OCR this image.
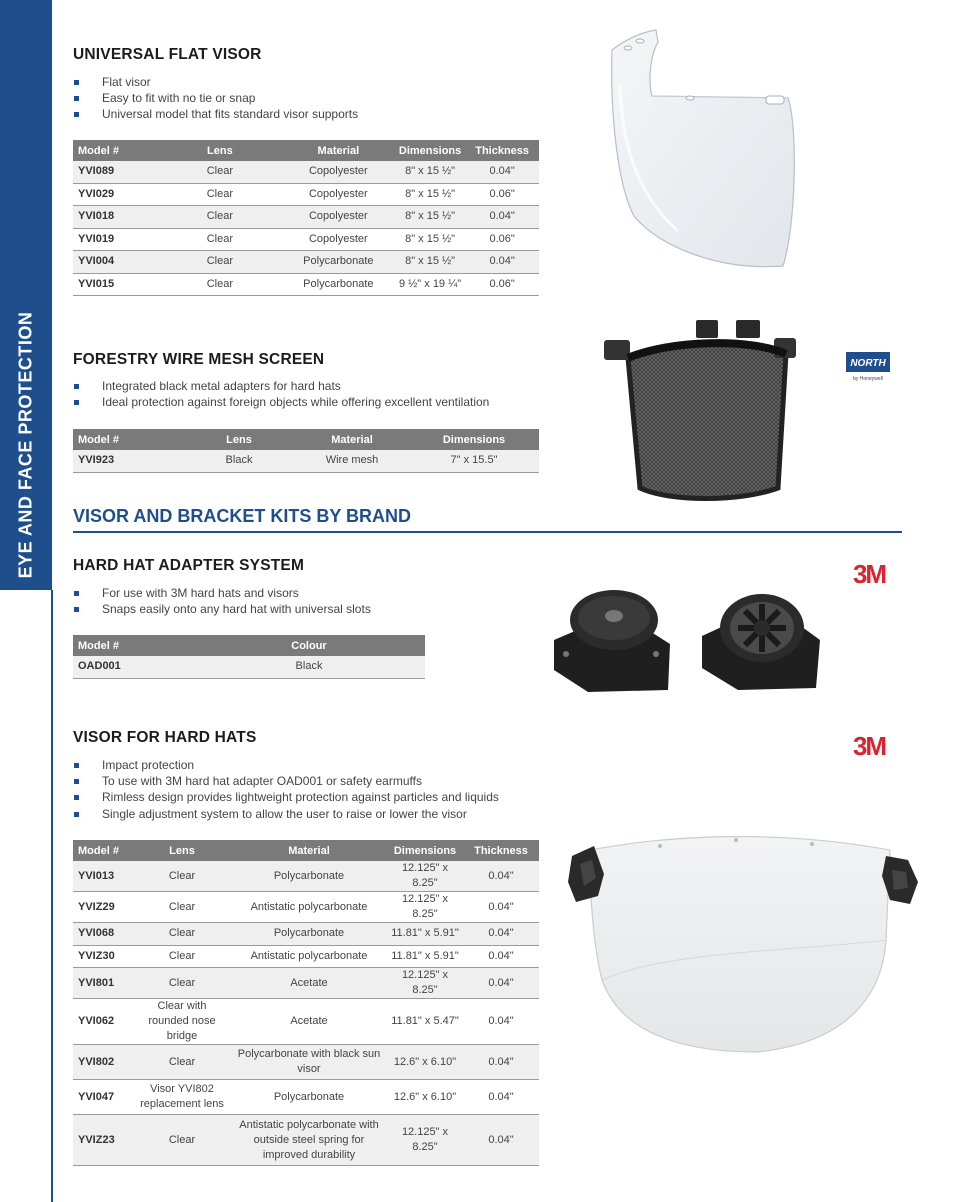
EYE AND FACE PROTECTION
UNIVERSAL FLAT VISOR
Flat visor
Easy to fit with no tie or snap
Universal model that fits standard visor supports
Model #	Lens	Material	Dimensions	Thickness
YVI089	Clear	Copolyester	8" x 15 ½"	0.04"
YVI029	Clear	Copolyester	8" x 15 ½"	0.06"
YVI018	Clear	Copolyester	8" x 15 ½"	0.04"
YVI019	Clear	Copolyester	8" x 15 ½"	0.06"
YVI004	Clear	Polycarbonate	8" x 15 ½"	0.04"
YVI015	Clear	Polycarbonate	9 ½" x 19 ¼"	0.06"
FORESTRY WIRE MESH SCREEN
Integrated black metal adapters for hard hats
Ideal protection against foreign objects while offering excellent ventilation
Model #	Lens	Material	Dimensions
YVI923	Black	Wire mesh	7" x 15.5"
NORTH
by Honeywell
VISOR AND BRACKET KITS BY BRAND
HARD HAT ADAPTER SYSTEM
For use with 3M hard hats and visors
Snaps easily onto any hard hat with universal slots
Model #	Colour
OAD001	Black
3M
VISOR FOR HARD HATS
Impact protection
To use with 3M hard hat adapter OAD001 or safety earmuffs
Rimless design provides lightweight protection against particles and liquids
Single adjustment system to allow the user to raise or lower the visor
Model #	Lens	Material	Dimensions	Thickness
YVI013	Clear	Polycarbonate	12.125" x 8.25"	0.04"
YVIZ29	Clear	Antistatic polycarbonate	12.125" x 8.25"	0.04"
YVI068	Clear	Polycarbonate	11.81" x 5.91"	0.04"
YVIZ30	Clear	Antistatic polycarbonate	11.81" x 5.91"	0.04"
YVI801	Clear	Acetate	12.125" x 8.25"	0.04"
YVI062	Clear with rounded nose bridge	Acetate	11.81" x 5.47"	0.04"
YVI802	Clear	Polycarbonate with black sun visor	12.6" x 6.10"	0.04"
YVI047	Visor YVI802 replacement lens	Polycarbonate	12.6" x 6.10"	0.04"
YVIZ23	Clear	Antistatic polycarbonate with outside steel spring for improved durability	12.125" x 8.25"	0.04"
3M
